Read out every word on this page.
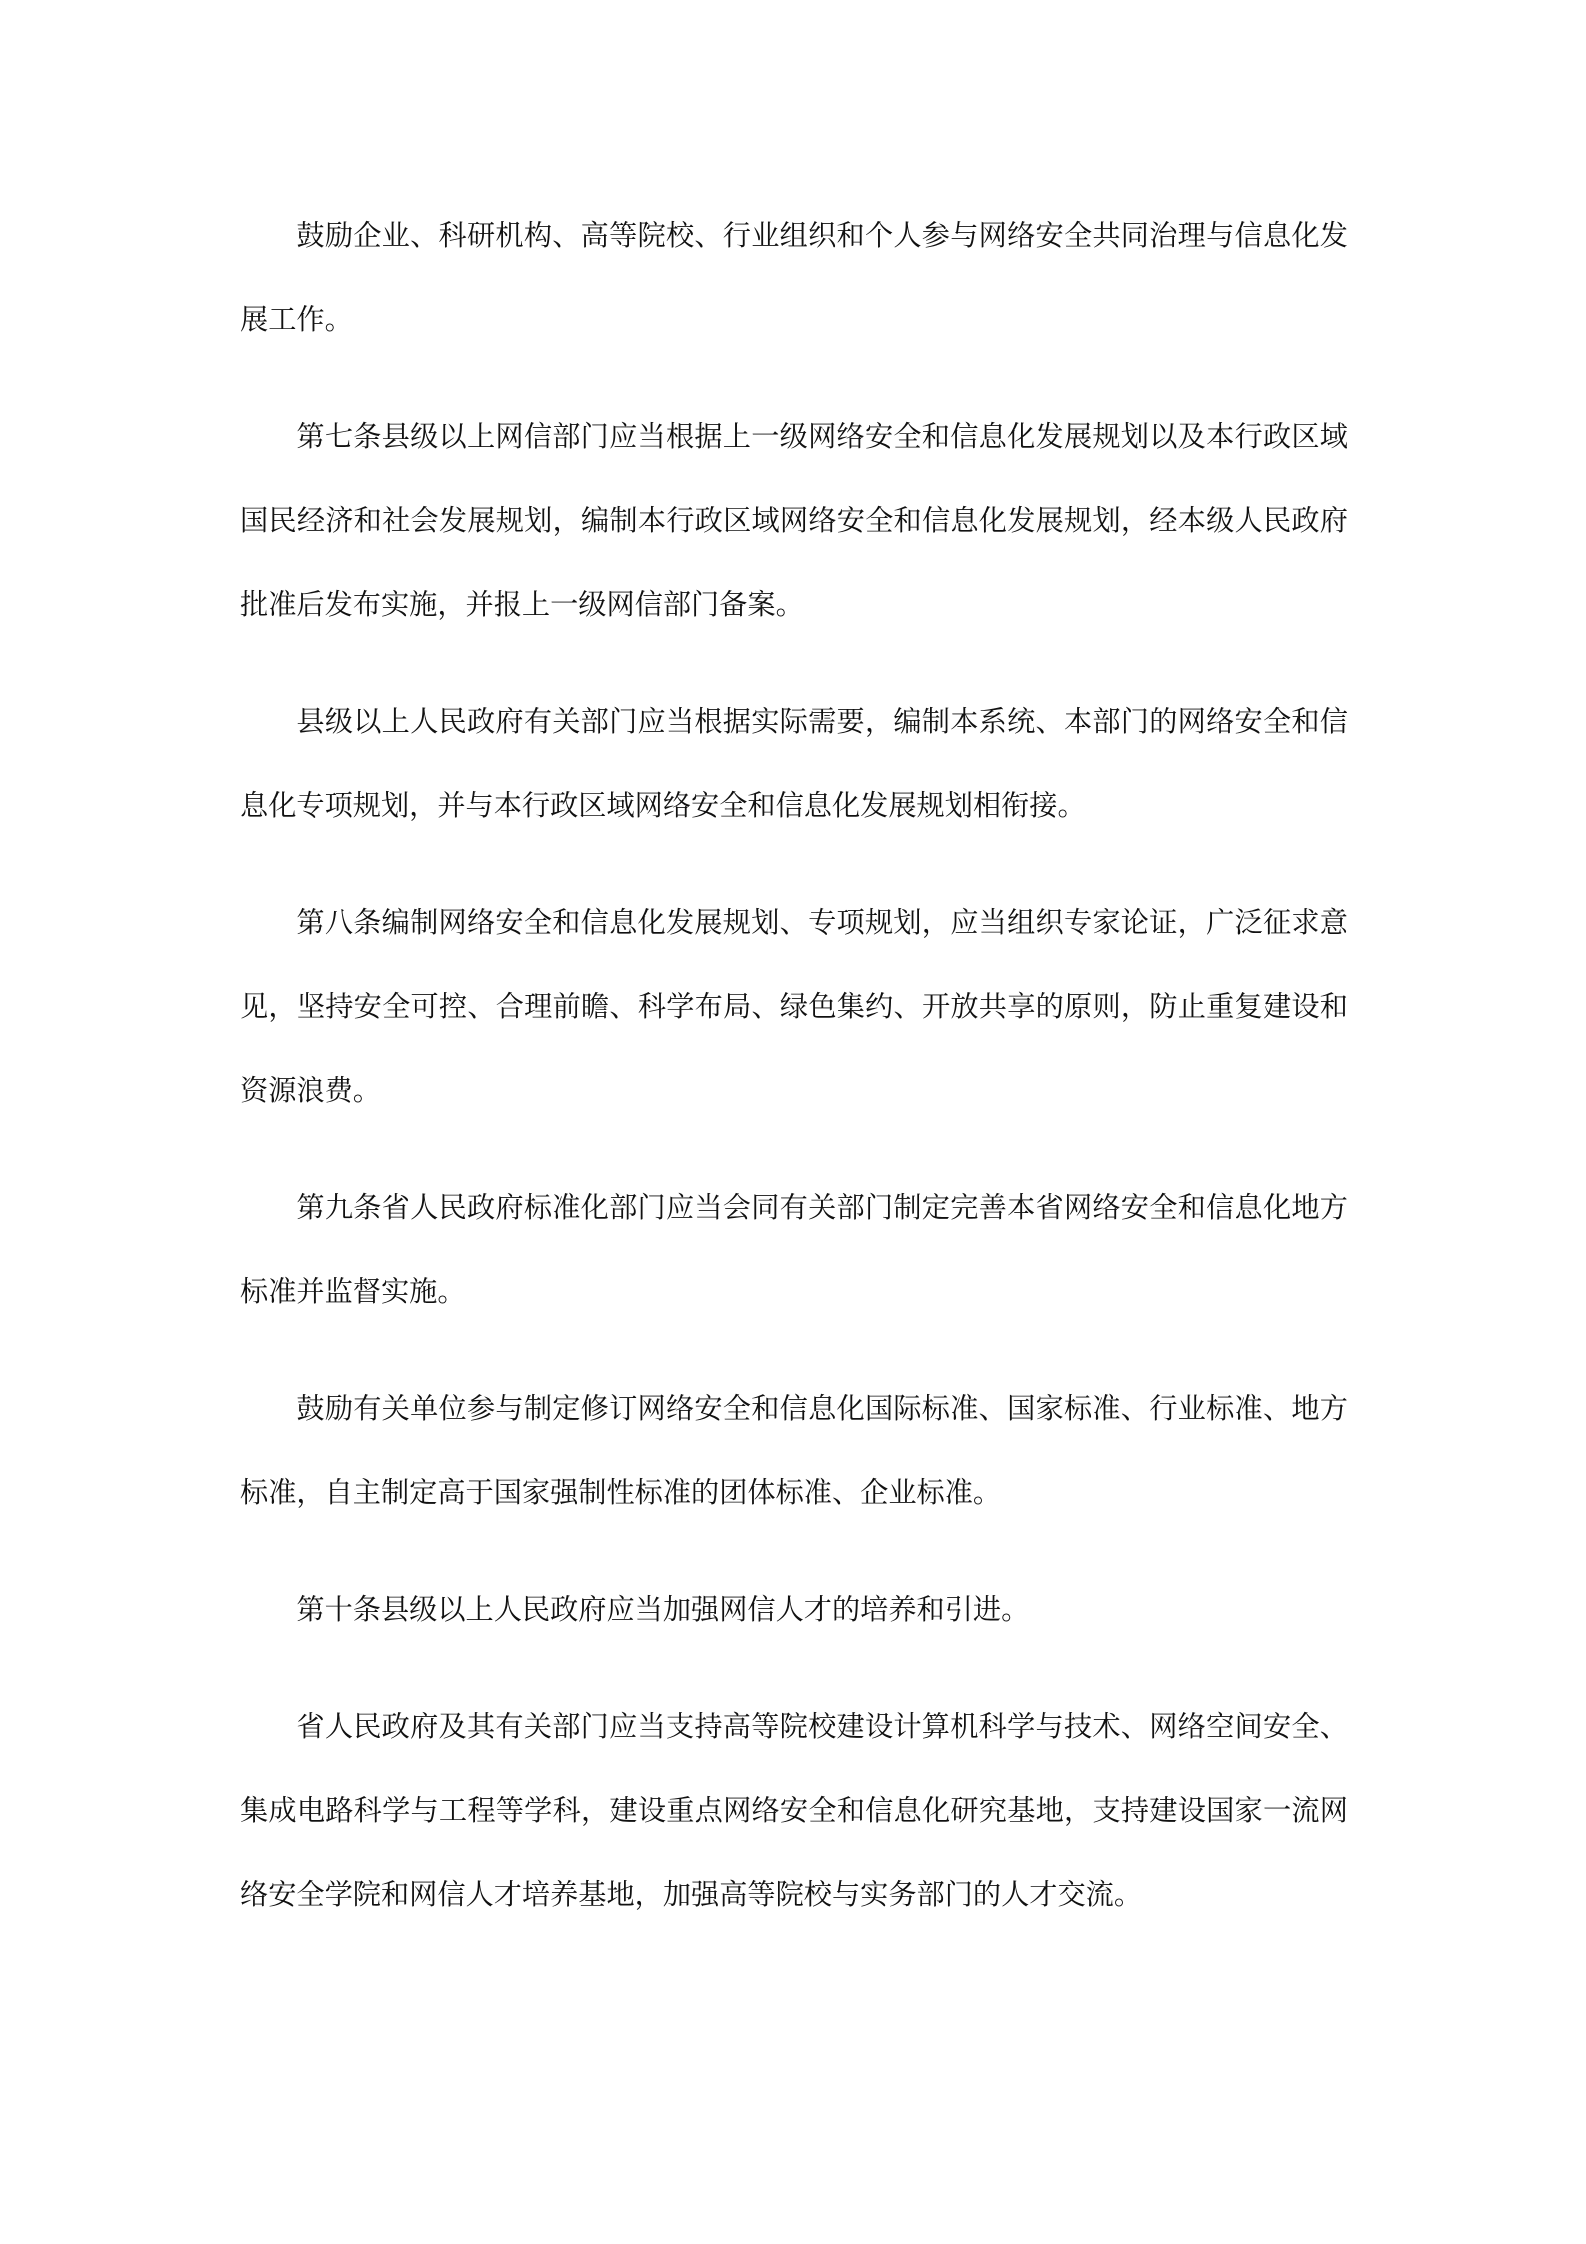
鼓励企业、科研机构、高等院校、行业组织和个人参与网络安全共同治理与信息化发展工作。

第七条县级以上网信部门应当根据上一级网络安全和信息化发展规划以及本行政区域国民经济和社会发展规划，编制本行政区域网络安全和信息化发展规划，经本级人民政府批准后发布实施，并报上一级网信部门备案。

县级以上人民政府有关部门应当根据实际需要，编制本系统、本部门的网络安全和信息化专项规划，并与本行政区域网络安全和信息化发展规划相衔接。

第八条编制网络安全和信息化发展规划、专项规划，应当组织专家论证，广泛征求意见，坚持安全可控、合理前瞻、科学布局、绿色集约、开放共享的原则，防止重复建设和资源浪费。

第九条省人民政府标准化部门应当会同有关部门制定完善本省网络安全和信息化地方标准并监督实施。

鼓励有关单位参与制定修订网络安全和信息化国际标准、国家标准、行业标准、地方标准，自主制定高于国家强制性标准的团体标准、企业标准。

第十条县级以上人民政府应当加强网信人才的培养和引进。

省人民政府及其有关部门应当支持高等院校建设计算机科学与技术、网络空间安全、集成电路科学与工程等学科，建设重点网络安全和信息化研究基地，支持建设国家一流网络安全学院和网信人才培养基地，加强高等院校与实务部门的人才交流。
